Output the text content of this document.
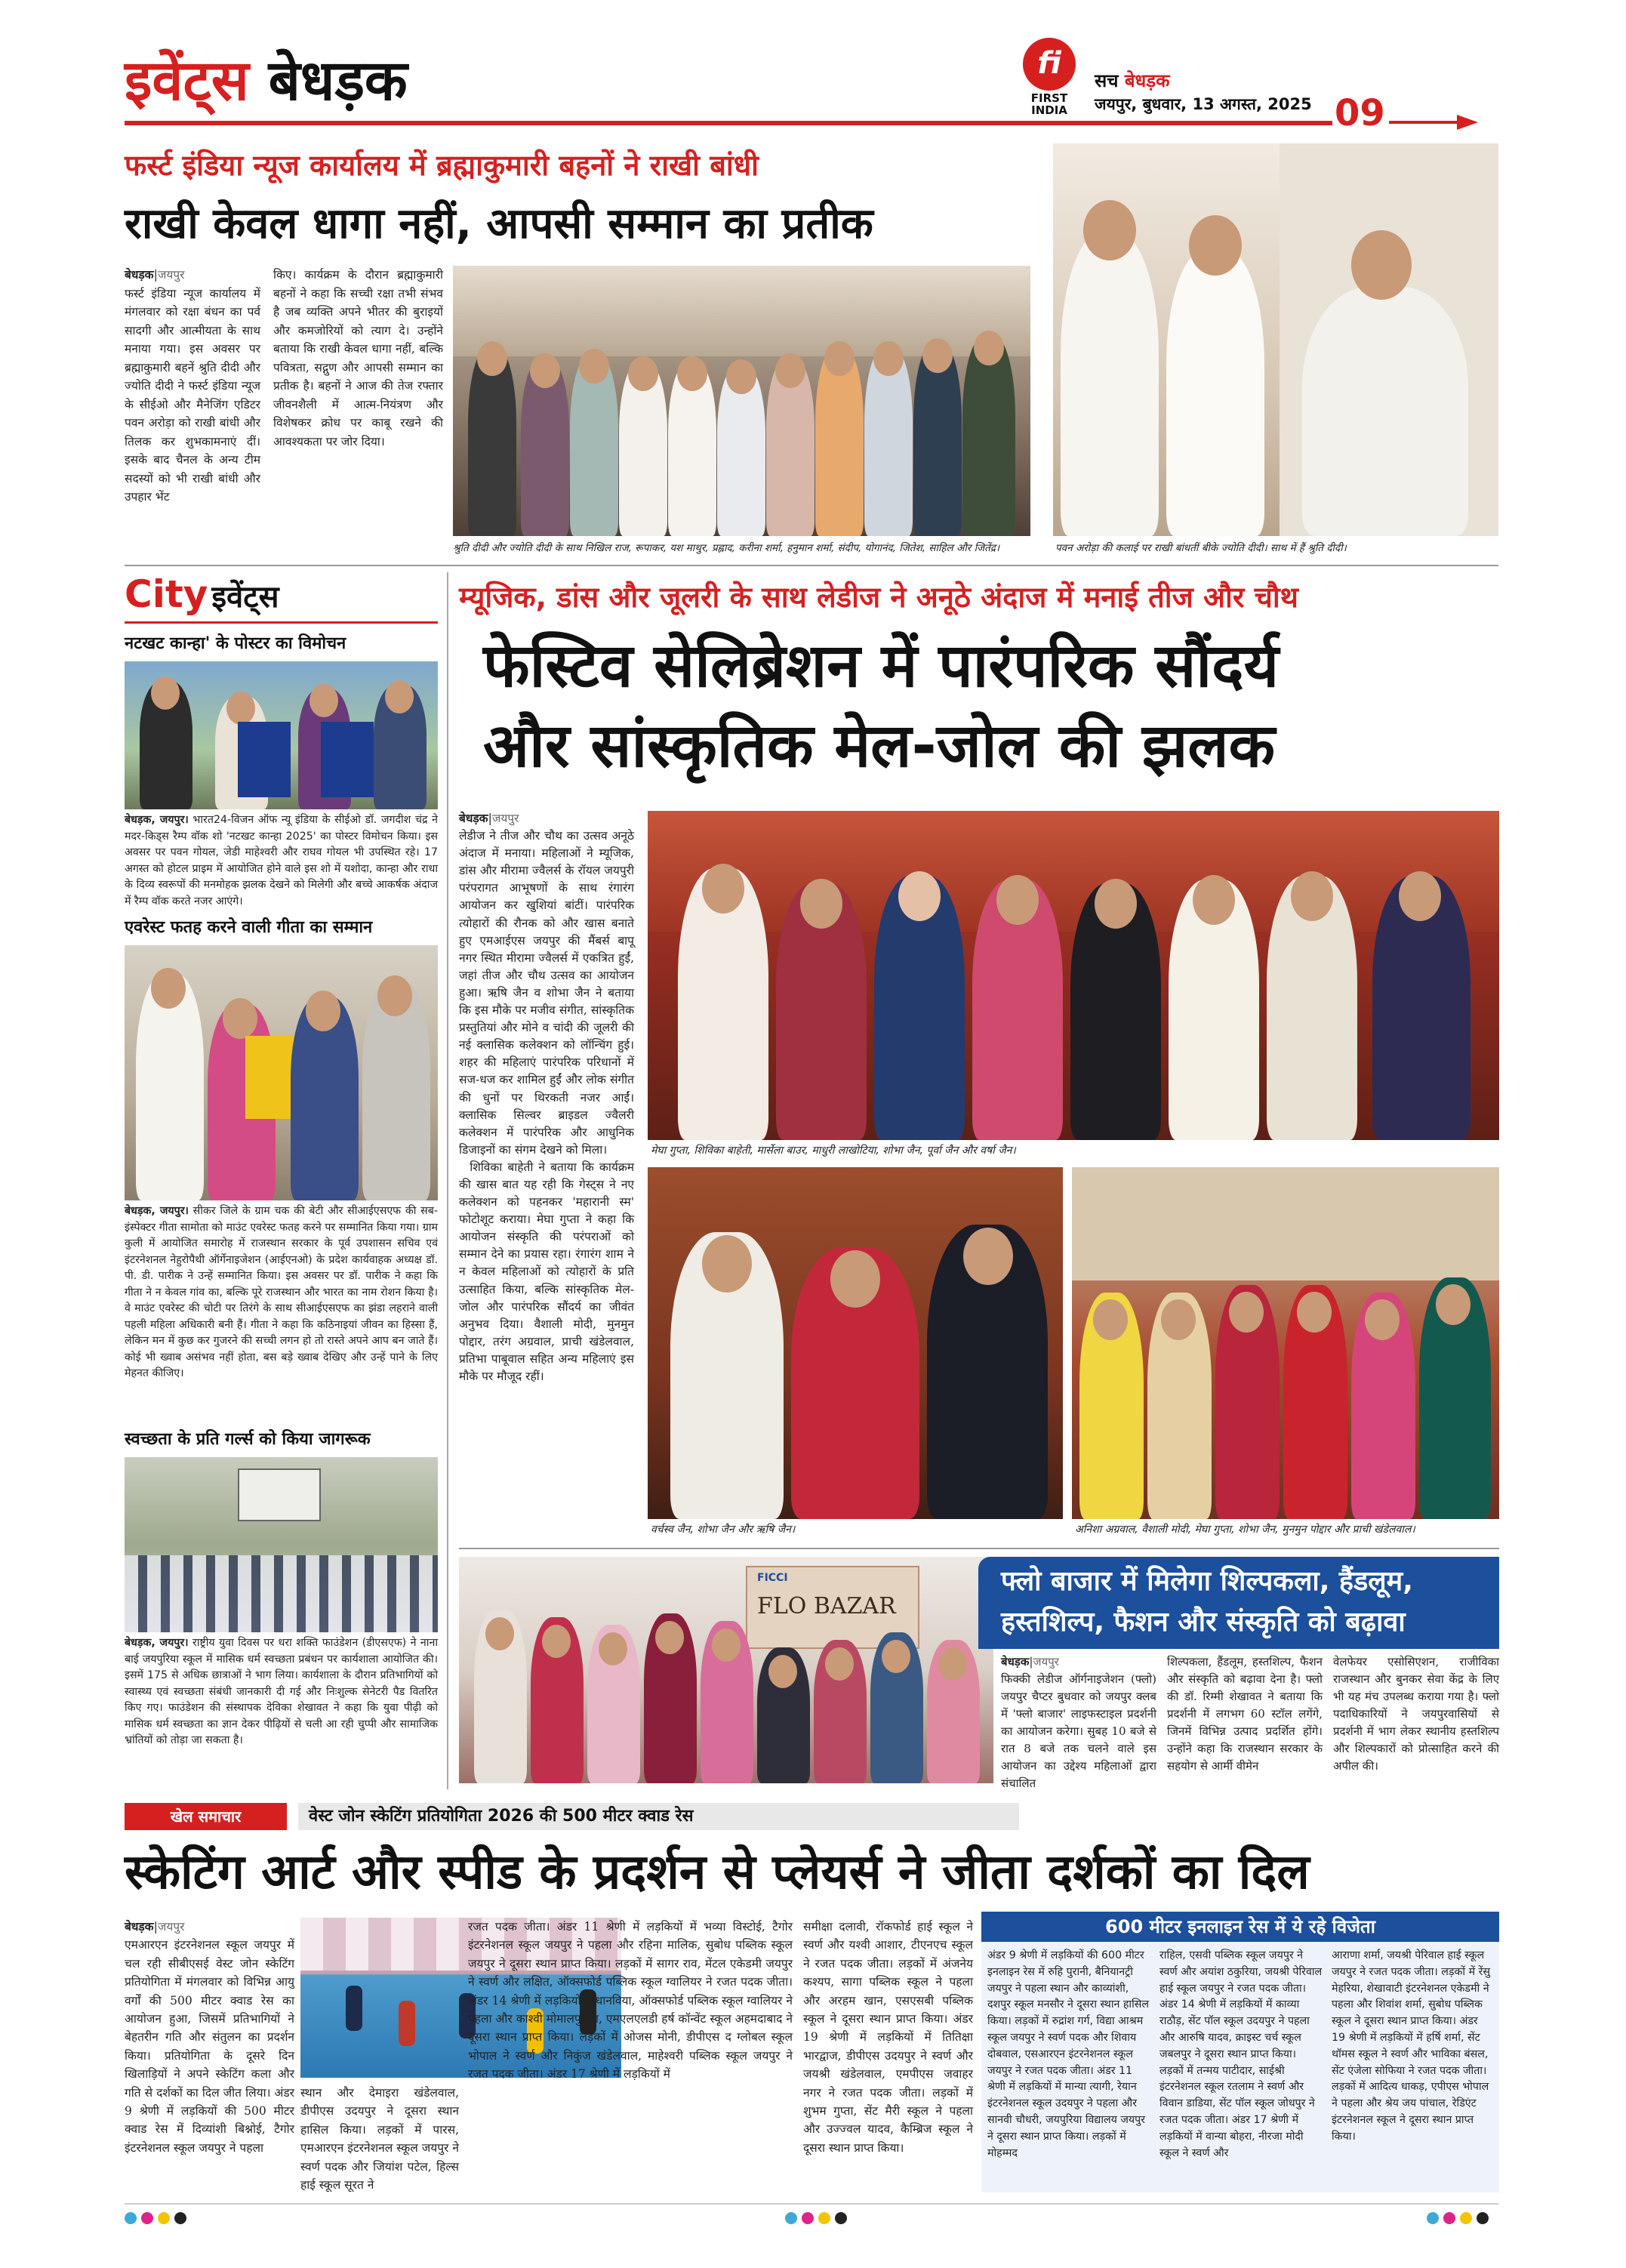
इवेंट्स बेधड़क	fi
FIRST INDIA
सच बेधड़क
जयपुर, बुधवार, 13 अगस्त, 2025 09
फर्स्ट इंडिया न्यूज कार्यालय में ब्रह्माकुमारी बहनों ने राखी बांधी
राखी केवल धागा नहीं, आपसी सम्मान का प्रतीक
बेधड़क|जयपुर
फर्स्ट इंडिया न्यूज कार्यालय में मंगलवार को रक्षा बंधन का पर्व सादगी और आत्मीयता के साथ मनाया गया। इस अवसर पर ब्रह्माकुमारी बहनें श्रुति दीदी और ज्योति दीदी ने फर्स्ट इंडिया न्यूज के सीईओ और मैनेजिंग एडिटर पवन अरोड़ा को राखी बांधी और तिलक कर शुभकामनाएं दीं। इसके बाद चैनल के अन्य टीम सदस्यों को भी राखी बांधी और उपहार भेंट
किए। कार्यक्रम के दौरान ब्रह्माकुमारी बहनों ने कहा कि सच्ची रक्षा तभी संभव है जब व्यक्ति अपने भीतर की बुराइयों और कमजोरियों को त्याग दे। उन्होंने बताया कि राखी केवल धागा नहीं, बल्कि पवित्रता, सद्गुण और आपसी सम्मान का प्रतीक है। बहनों ने आज की तेज रफ्तार जीवनशैली में आत्म-नियंत्रण और विशेषकर क्रोध पर काबू रखने की आवश्यकता पर जोर दिया।
श्रुति दीदी और ज्योति दीदी के साथ निखिल राज, रूपाकर, यश माथुर, प्रह्लाद, करीना शर्मा, हनुमान शर्मा, संदीप, योगानंद, जितेश, साहिल और जितेंद्र।	पवन अरोड़ा की कलाई पर राखी बांधतीं बीके ज्योति दीदी। साथ में हैं श्रुति दीदी।
City इवेंट्स
नटखट कान्हा' के पोस्टर का विमोचन
बेधड़क, जयपुर। भारत24-विजन ऑफ न्यू इंडिया के सीईओ डॉ. जगदीश चंद्र ने मदर-किड्स रैम्प वॉक शो 'नटखट कान्हा 2025' का पोस्टर विमोचन किया। इस अवसर पर पवन गोयल, जेडी माहेश्वरी और राघव गोयल भी उपस्थित रहे। 17 अगस्त को होटल प्राइम में आयोजित होने वाले इस शो में यशोदा, कान्हा और राधा के दिव्य स्वरूपों की मनमोहक झलक देखने को मिलेगी और बच्चे आकर्षक अंदाज में रैम्प वॉक करते नजर आएंगे।
एवरेस्ट फतह करने वाली गीता का सम्मान
बेधड़क, जयपुर। सीकर जिले के ग्राम चक की बेटी और सीआईएसएफ की सब-इंस्पेक्टर गीता सामोता को माउंट एवरेस्ट फतह करने पर सम्मानित किया गया। ग्राम कुली में आयोजित समारोह में राजस्थान सरकार के पूर्व उपशासन सचिव एवं इंटरनेशनल नेहुरोपैथी ऑर्गेनाइजेशन (आईएनओ) के प्रदेश कार्यवाहक अध्यक्ष डॉ. पी. डी. पारीक ने उन्हें सम्मानित किया। इस अवसर पर डॉ. पारीक ने कहा कि गीता ने न केवल गांव का, बल्कि पूरे राजस्थान और भारत का नाम रोशन किया है। वे माउंट एवरेस्ट की चोटी पर तिरंगे के साथ सीआईएसएफ का झंडा लहराने वाली पहली महिला अधिकारी बनी हैं। गीता ने कहा कि कठिनाइयां जीवन का हिस्सा हैं, लेकिन मन में कुछ कर गुजरने की सच्ची लगन हो तो रास्ते अपने आप बन जाते हैं। कोई भी ख्वाब असंभव नहीं होता, बस बड़े ख्वाब देखिए और उन्हें पाने के लिए मेहनत कीजिए।
स्वच्छता के प्रति गर्ल्स को किया जागरूक
बेधड़क, जयपुर। राष्ट्रीय युवा दिवस पर धरा शक्ति फाउंडेशन (डीएसएफ) ने नाना बाई जयपुरिया स्कूल में मासिक धर्म स्वच्छता प्रबंधन पर कार्यशाला आयोजित की। इसमें 175 से अधिक छात्राओं ने भाग लिया। कार्यशाला के दौरान प्रतिभागियों को स्वास्थ्य एवं स्वच्छता संबंधी जानकारी दी गई और निःशुल्क सेनेटरी पैड वितरित किए गए। फाउंडेशन की संस्थापक देविका शेखावत ने कहा कि युवा पीढ़ी को मासिक धर्म स्वच्छता का ज्ञान देकर पीढ़ियों से चली आ रही चुप्पी और सामाजिक भ्रांतियों को तोड़ा जा सकता है।
म्यूजिक, डांस और जूलरी के साथ लेडीज ने अनूठे अंदाज में मनाई तीज और चौथ
फेस्टिव सेलिब्रेशन में पारंपरिक सौंदर्य
और सांस्कृतिक मेल-जोल की झलक
बेधड़क|जयपुर
लेडीज ने तीज और चौथ का उत्सव अनूठे अंदाज में मनाया। महिलाओं ने म्यूजिक, डांस और मीरामा ज्वैलर्स के रॉयल जयपुरी परंपरागत आभूषणों के साथ रंगारंग आयोजन कर खुशियां बांटीं। पारंपरिक त्योहारों की रौनक को और खास बनाते हुए एमआईएस जयपुर की मैंबर्स बापू नगर स्थित मीरामा ज्वैलर्स में एकत्रित हुईं, जहां तीज और चौथ उत्सव का आयोजन हुआ। ऋषि जैन व शोभा जैन ने बताया कि इस मौके पर मजीव संगीत, सांस्कृतिक प्रस्तुतियां और मोने व चांदी की जूलरी की नई क्लासिक कलेक्शन को लॉन्चिंग हुई। शहर की महिलाएं पारंपरिक परिधानों में सज-धज कर शामिल हुईं और लोक संगीत की धुनों पर थिरकती नजर आईं। क्लासिक सिल्वर ब्राइडल ज्वैलरी कलेक्शन में पारंपरिक और आधुनिक डिजाइनों का संगम देखने को मिला।
शिविका बाहेती ने बताया कि कार्यक्रम की खास बात यह रही कि गेस्ट्स ने नए कलेक्शन को पहनकर 'महारानी स्म' फोटोशूट कराया। मेघा गुप्ता ने कहा कि आयोजन संस्कृति की परंपराओं को सम्मान देने का प्रयास रहा। रंगारंग शाम ने न केवल महिलाओं को त्योहारों के प्रति उत्साहित किया, बल्कि सांस्कृतिक मेल-जोल और पारंपरिक सौंदर्य का जीवंत अनुभव दिया। वैशाली मोदी, मुनमुन पोद्दार, तरंग अग्रवाल, प्राची खंडेलवाल, प्रतिभा पाबूवाल सहित अन्य महिलाएं इस मौके पर मौजूद रहीं।
मेघा गुप्ता, शिविका बाहेती, मार्सेला बाउर, माधुरी लाखोटिया, शोभा जैन, पूर्वा जैन और वर्षा जैन।
वर्चस्व जैन, शोभा जैन और ऋषि जैन।	अनिशा अग्रवाल, वैशाली मोदी, मेघा गुप्ता, शोभा जैन, मुनमुन पोद्दार और प्राची खंडेलवाल।
FICCI
FLO BAZAR
फ्लो बाजार में मिलेगा शिल्पकला, हैंडलूम,
हस्तशिल्प, फैशन और संस्कृति को बढ़ावा
बेधड़क|जयपुर
फिक्की लेडीज ऑर्गनाइजेशन (फ्लो) जयपुर चैप्टर बुधवार को जयपुर क्लब में 'फ्लो बाजार' लाइफस्टाइल प्रदर्शनी का आयोजन करेगा। सुबह 10 बजे से रात 8 बजे तक चलने वाले इस आयोजन का उद्देश्य महिलाओं द्वारा संचालित
शिल्पकला, हैंडलूम, हस्तशिल्प, फैशन और संस्कृति को बढ़ावा देना है। फ्लो की डॉ. रिम्मी शेखावत ने बताया कि प्रदर्शनी में लगभग 60 स्टॉल लगेंगे, जिनमें विभिन्न उत्पाद प्रदर्शित होंगे। उन्होंने कहा कि राजस्थान सरकार के सहयोग से आर्मी वीमेन
वेलफेयर एसोसिएशन, राजीविका राजस्थान और बुनकर सेवा केंद्र के लिए भी यह मंच उपलब्ध कराया गया है। फ्लो पदाधिकारियों ने जयपुरवासियों से प्रदर्शनी में भाग लेकर स्थानीय हस्तशिल्प और शिल्पकारों को प्रोत्साहित करने की अपील की।
खेल समाचार	वेस्ट जोन स्केटिंग प्रतियोगिता 2026 की 500 मीटर क्वाड रेस
स्केटिंग आर्ट और स्पीड के प्रदर्शन से प्लेयर्स ने जीता दर्शकों का दिल
बेधड़क|जयपुर
एमआरएन इंटरनेशनल स्कूल जयपुर में चल रही सीबीएसई वेस्ट जोन स्केटिंग प्रतियोगिता में मंगलवार को विभिन्न आयु वर्गों की 500 मीटर क्वाड रेस का आयोजन हुआ, जिसमें प्रतिभागियों ने बेहतरीन गति और संतुलन का प्रदर्शन किया। प्रतियोगिता के दूसरे दिन खिलाड़ियों ने अपने स्केटिंग कला और गति से दर्शकों का दिल जीत लिया। अंडर 9 श्रेणी में लड़कियों की 500 मीटर क्वाड रेस में दिव्यांशी बिश्नोई, टैगोर इंटरनेशनल स्कूल जयपुर ने पहला
स्थान और देमाइरा खंडेलवाल, डीपीएस उदयपुर ने दूसरा स्थान हासिल किया। लड़कों में पारस, एमआरएन इंटरनेशनल स्कूल जयपुर ने स्वर्ण पदक और जियांश पटेल, हिल्स हाई स्कूल सूरत ने
रजत पदक जीता। अंडर 11 श्रेणी में लड़कियों में भव्या विस्टोई, टैगोर इंटरनेशनल स्कूल जयपुर ने पहला और रहिना मालिक, सुबोध पब्लिक स्कूल जयपुर ने दूसरा स्थान प्राप्त किया। लड़कों में सागर राव, मेंटल एकेडमी जयपुर ने स्वर्ण और लक्षित, ऑक्सफोर्ड पब्लिक स्कूल ग्वालियर ने रजत पदक जीता। अंडर 14 श्रेणी में लड़कियों में धानविया, ऑक्सफोर्ड पब्लिक स्कूल ग्वालियर ने पहला और काश्वी मोमालपुरिया, एमएलएलडी हर्ष कॉन्वेंट स्कूल अहमदाबाद ने दूसरा स्थान प्राप्त किया। लड़कों में ओजस मोनी, डीपीएस द ग्लोबल स्कूल भोपाल ने स्वर्ण और निकुंज खंडेलवाल, माहेश्वरी पब्लिक स्कूल जयपुर ने रजत पदक जीता। अंडर 17 श्रेणी में लड़कियों में
समीक्षा दलावी, रॉकफोर्ड हाई स्कूल ने स्वर्ण और यश्वी आशार, टीएनएच स्कूल ने रजत पदक जीता। लड़कों में अंजनेय कश्यप, सागा पब्लिक स्कूल ने पहला और अरहम खान, एसएसबी पब्लिक स्कूल ने दूसरा स्थान प्राप्त किया। अंडर 19 श्रेणी में लड़कियों में तितिक्षा भारद्वाज, डीपीएस उदयपुर ने स्वर्ण और जयश्री खंडेलवाल, एमपीएस जवाहर नगर ने रजत पदक जीता। लड़कों में शुभम गुप्ता, सेंट मैरी स्कूल ने पहला और उज्ज्वल यादव, कैम्ब्रिज स्कूल ने दूसरा स्थान प्राप्त किया।
600 मीटर इनलाइन रेस में ये रहे विजेता
अंडर 9 श्रेणी में लड़कियों की 600 मीटर इनलाइन रेस में रुहि पुरानी, बैनियानट्री जयपुर ने पहला स्थान और काव्यांशी, दशपुर स्कूल मनसौर ने दूसरा स्थान हासिल किया। लड़कों में रुद्रांश गर्ग, विद्या आश्रम स्कूल जयपुर ने स्वर्ण पदक और शिवाय दोबवाल, एसआरएन इंटरनेशनल स्कूल जयपुर ने रजत पदक जीता। अंडर 11 श्रेणी में लड़कियों में मान्या त्यागी, रेयान इंटरनेशनल स्कूल उदयपुर ने पहला और सानवी चौधरी, जयपुरिया विद्यालय जयपुर ने दूसरा स्थान प्राप्त किया। लड़कों में मोहम्मद
राहिल, एसवी पब्लिक स्कूल जयपुर ने स्वर्ण और अयांश ठकुरिया, जयश्री पेरिवाल हाई स्कूल जयपुर ने रजत पदक जीता। अंडर 14 श्रेणी में लड़कियों में काव्या राठौड़, सेंट पॉल स्कूल उदयपुर ने पहला और आरुषि यादव, क्राइस्ट चर्च स्कूल जबलपुर ने दूसरा स्थान प्राप्त किया। लड़कों में तन्मय पाटीदार, साईश्री इंटरनेशनल स्कूल रतलाम ने स्वर्ण और विवान डाडिया, सेंट पॉल स्कूल जोधपुर ने रजत पदक जीता। अंडर 17 श्रेणी में लड़कियों में वान्या बोहरा, नीरजा मोदी स्कूल ने स्वर्ण और
आराणा शर्मा, जयश्री पेरिवाल हाई स्कूल जयपुर ने रजत पदक जीता। लड़कों में रेंसु मेहरिया, शेखावाटी इंटरनेशनल एकेडमी ने पहला और शिवांश शर्मा, सुबोध पब्लिक स्कूल ने दूसरा स्थान प्राप्त किया। अंडर 19 श्रेणी में लड़कियों में हर्षि शर्मा, सेंट थॉमस स्कूल ने स्वर्ण और भाविका बंसल, सेंट एंजेला सोफिया ने रजत पदक जीता। लड़कों में आदित्य धाकड़, एपीएस भोपाल ने पहला और श्रेय जय पांचाल, रेडिएंट इंटरनेशनल स्कूल ने दूसरा स्थान प्राप्त किया।
